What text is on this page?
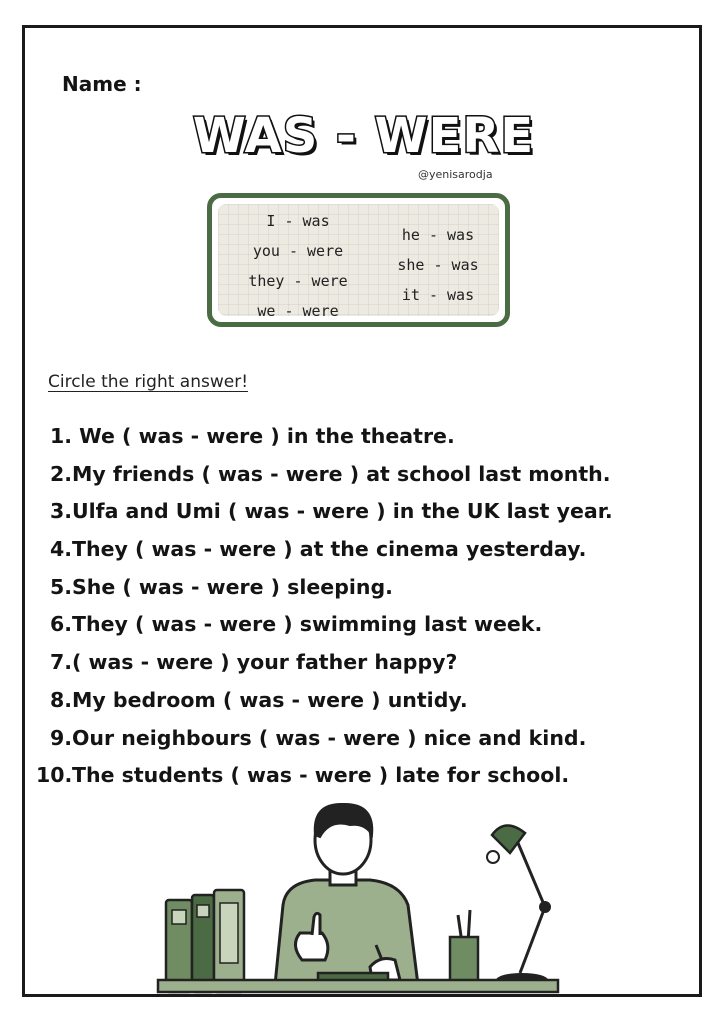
Name :
WAS - WERE
@yenisarodja
I - was
you - were
they - were
we - were
he - was
she - was
it - was
Circle the right answer!
1. We ( was - were ) in the theatre.
2.My friends ( was - were ) at school last month.
3.Ulfa and Umi ( was - were ) in the UK last year.
4.They ( was - were ) at the cinema yesterday.
5.She ( was - were ) sleeping.
6.They ( was - were ) swimming last week.
7.( was - were ) your father happy?
8.My bedroom ( was - were ) untidy.
9.Our neighbours ( was - were ) nice and kind.
10.The students ( was - were ) late for school.
